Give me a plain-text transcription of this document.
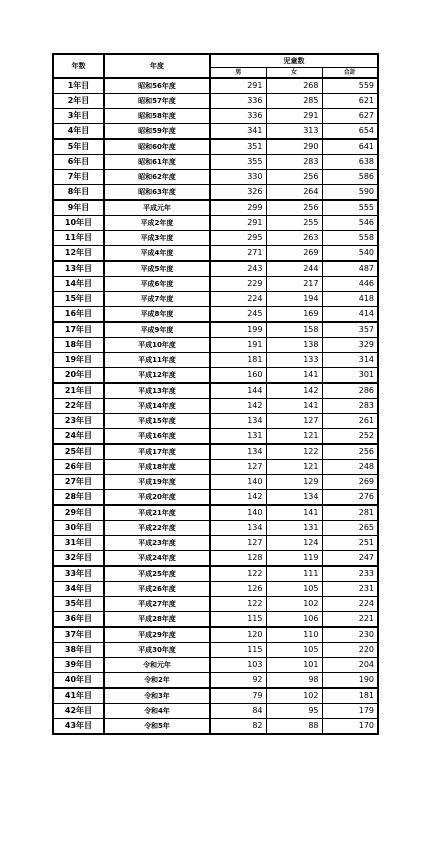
年数	年度	児童数		
		男	女	合計
1年目	昭和56年度	291	268	559
2年目	昭和57年度	336	285	621
3年目	昭和58年度	336	291	627
4年目	昭和59年度	341	313	654
5年目	昭和60年度	351	290	641
6年目	昭和61年度	355	283	638
7年目	昭和62年度	330	256	586
8年目	昭和63年度	326	264	590
9年目	平成元年	299	256	555
10年目	平成2年度	291	255	546
11年目	平成3年度	295	263	558
12年目	平成4年度	271	269	540
13年目	平成5年度	243	244	487
14年目	平成6年度	229	217	446
15年目	平成7年度	224	194	418
16年目	平成8年度	245	169	414
17年目	平成9年度	199	158	357
18年目	平成10年度	191	138	329
19年目	平成11年度	181	133	314
20年目	平成12年度	160	141	301
21年目	平成13年度	144	142	286
22年目	平成14年度	142	141	283
23年目	平成15年度	134	127	261
24年目	平成16年度	131	121	252
25年目	平成17年度	134	122	256
26年目	平成18年度	127	121	248
27年目	平成19年度	140	129	269
28年目	平成20年度	142	134	276
29年目	平成21年度	140	141	281
30年目	平成22年度	134	131	265
31年目	平成23年度	127	124	251
32年目	平成24年度	128	119	247
33年目	平成25年度	122	111	233
34年目	平成26年度	126	105	231
35年目	平成27年度	122	102	224
36年目	平成28年度	115	106	221
37年目	平成29年度	120	110	230
38年目	平成30年度	115	105	220
39年目	令和元年	103	101	204
40年目	令和2年	92	98	190
41年目	令和3年	79	102	181
42年目	令和4年	84	95	179
43年目	令和5年	82	88	170
